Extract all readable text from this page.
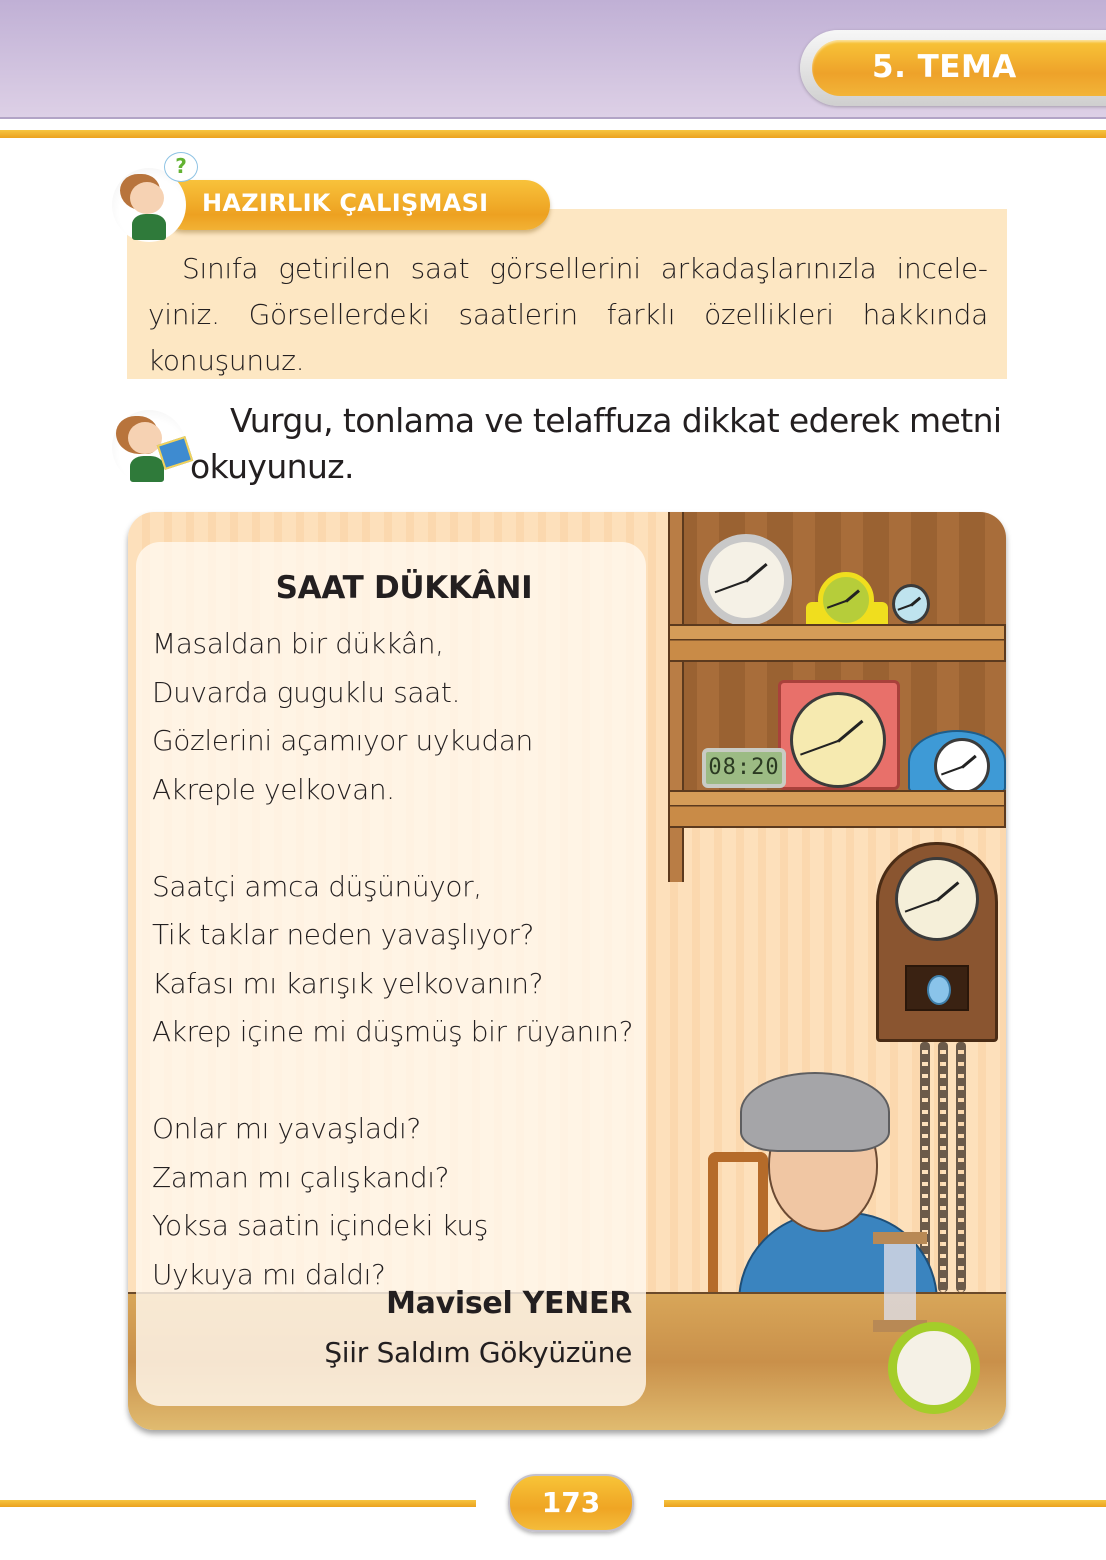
5. TEMA
HAZIRLIK ÇALIŞMASI
?

Sınıfa getirilen saat görsellerini arkadaşlarınızla inceleyiniz. Görsellerdeki saatlerin farklı özellikleri hakkında konuşunuz.

Vurgu, tonlama ve telaffuza dikkat ederek metni okuyunuz.

08:20
SAAT DÜKKÂNI
Masaldan bir dükkân,
Duvarda guguklu saat.
Gözlerini açamıyor uykudan
Akreple yelkovan.
Saatçi amca düşünüyor,
Tik taklar neden yavaşlıyor?
Kafası mı karışık yelkovanın?
Akrep içine mi düşmüş bir rüyanın?
Onlar mı yavaşladı?
Zaman mı çalışkandı?
Yoksa saatin içindeki kuş
Uykuya mı daldı?
Mavisel YENER
Şiir Saldım Gökyüzüne
173
